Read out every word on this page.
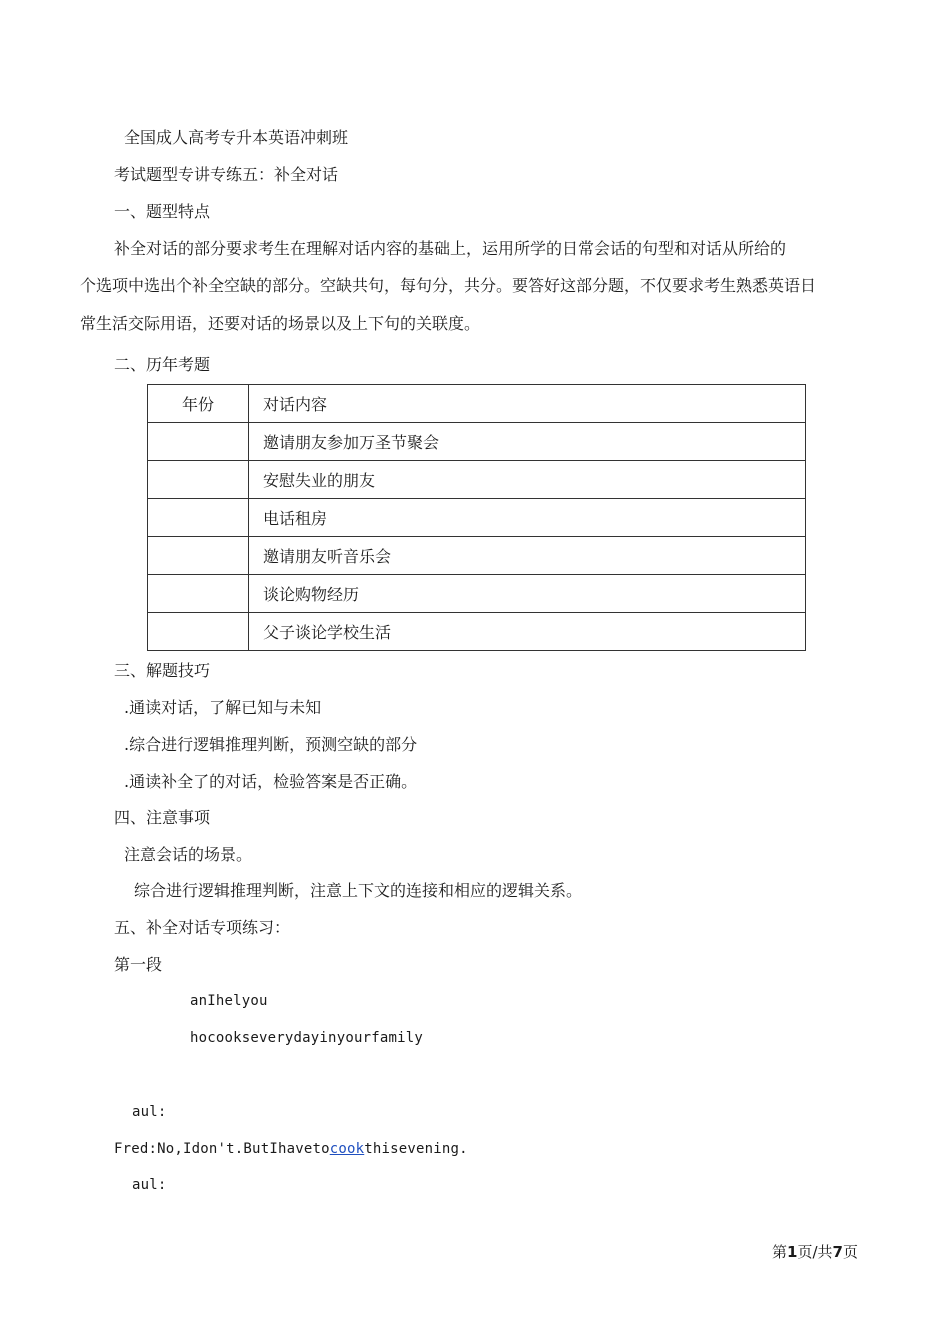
全国成人高考专升本英语冲刺班
考试题型专讲专练五：补全对话
一、题型特点
补全对话的部分要求考生在理解对话内容的基础上，运用所学的日常会话的句型和对话从所给的
个选项中选出个补全空缺的部分。空缺共句，每句分，共分。要答好这部分题，不仅要求考生熟悉英语日
常生活交际用语，还要对话的场景以及上下句的关联度。
二、历年考题
年份	对话内容
	邀请朋友参加万圣节聚会
	安慰失业的朋友
	电话租房
	邀请朋友听音乐会
	谈论购物经历
	父子谈论学校生活
三、解题技巧
.通读对话，了解已知与未知
.综合进行逻辑推理判断，预测空缺的部分
.通读补全了的对话，检验答案是否正确。
四、注意事项
注意会话的场景。
综合进行逻辑推理判断，注意上下文的连接和相应的逻辑关系。
五、补全对话专项练习：
第一段
anIhelyou
hocookseverydayinyourfamily
aul:
Fred:No,Idon't.ButIhavetocookthisevening.
aul:
第1页/共7页
